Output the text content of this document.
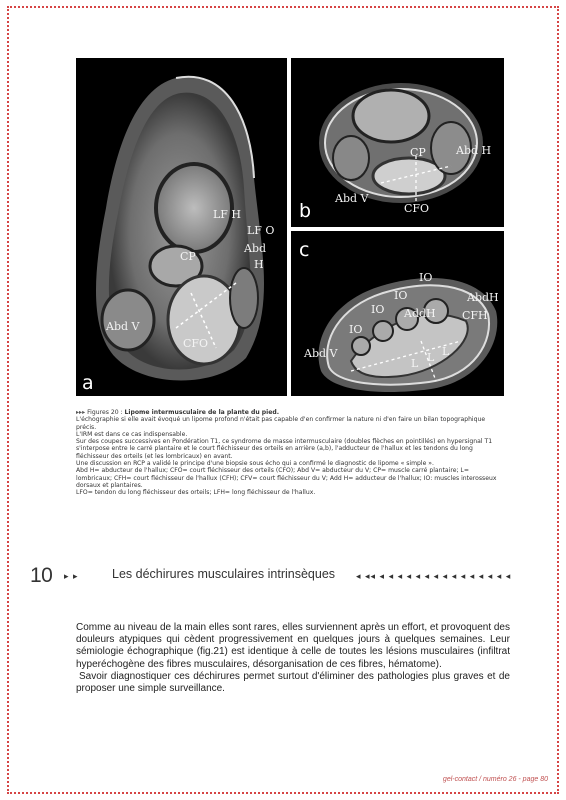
LF H
LF O
Abd
H
CP
Abd V
CFO
a
CP	Abd H
Abd V
CFO
b
IO
IO
IO
IO
AddH
AbdH
CFH
Abd V
L L L
c

▸▸▸ Figures 20 : Lipome intermusculaire de la plante du pied.

L'échographie si elle avait évoqué un lipome profond n'était pas capable d'en confirmer la nature ni d'en faire un bilan topographique précis.

L'IRM est dans ce cas indispensable.

Sur des coupes successives en Pondération T1, ce syndrome de masse intermusculaire (doubles flèches en pointillés) en hypersignal T1 s'interpose entre le carré plantaire et le court fléchisseur des orteils en arrière (a,b), l'adducteur de l'hallux et les tendons du long fléchisseur des orteils (et les lombricaux) en avant.

Une discussion en RCP a validé le principe d'une biopsie sous écho qui a confirmé le diagnostic de lipome « simple ».

Abd H= abducteur de l'hallux; CFO= court fléchisseur des orteils (CFO); Abd V= abducteur du V; CP= muscle carré plantaire; L= lombricaux; CFH= court fléchisseur de l'hallux (CFH); CFV= court fléchisseur du V; Add H= adducteur de l'hallux; IO: muscles interosseux dorsaux et plantaires.

LFO= tendon du long fléchisseur des orteils; LFH= long fléchisseur de l'hallux.

10 ▸ ▸	Les déchirures musculaires intrinsèques ◂ ◂◂ ◂ ◂ ◂ ◂ ◂ ◂ ◂ ◂ ◂ ◂ ◂ ◂ ◂ ◂ ◂
Comme au niveau de la main elles sont rares, elles surviennent après un effort, et provoquent des douleurs atypiques qui cèdent progressivement en quelques jours à quelques semaines. Leur sémiologie échographique (fig.21) est identique à celle de toutes les lésions musculaires (infiltrat hyperéchogène des fibres musculaires, désorganisation de ces fibres, hématome).
Savoir diagnostiquer ces déchirures permet surtout d'éliminer des pathologies plus graves et de proposer une simple surveillance.
gel-contact / numéro 26 - page 80
